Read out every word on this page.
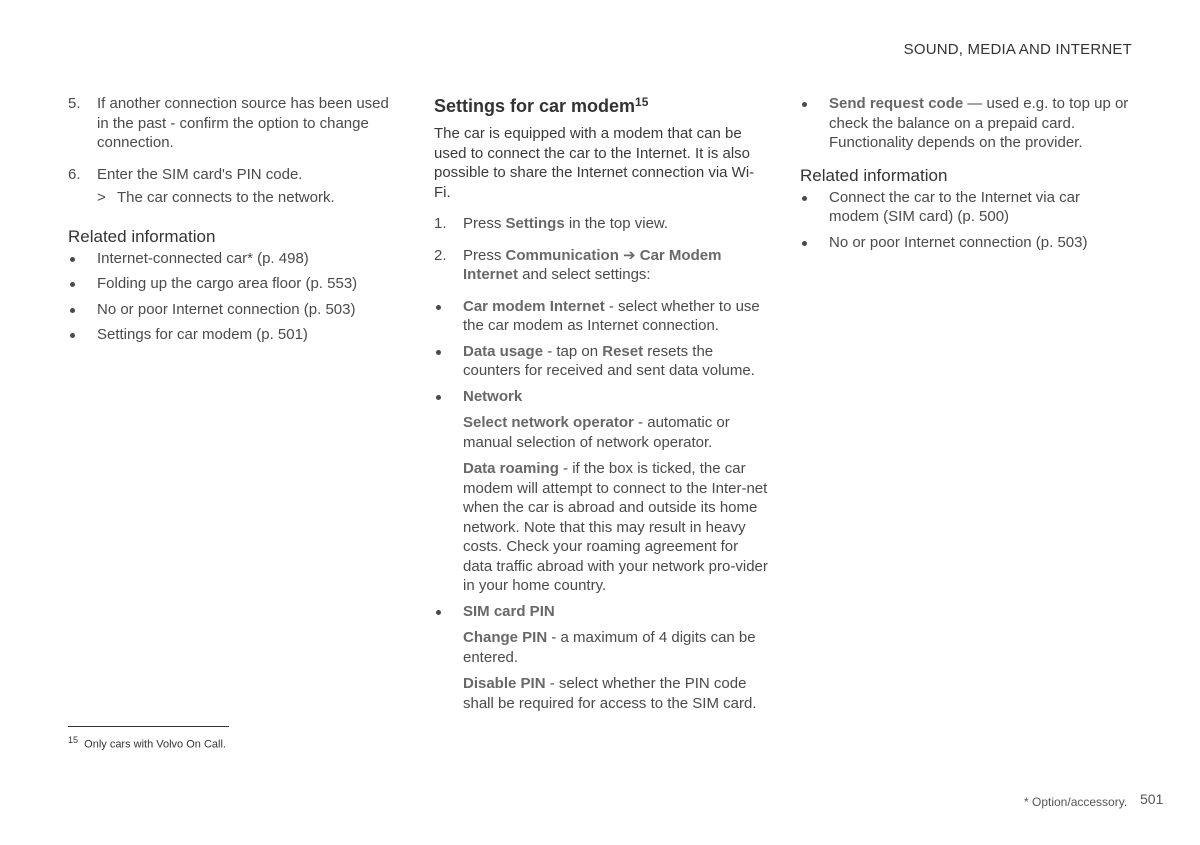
SOUND, MEDIA AND INTERNET
5. If another connection source has been used in the past - confirm the option to change connection.
6. Enter the SIM card's PIN code.
> The car connects to the network.
Related information
Internet-connected car* (p. 498)
Folding up the cargo area floor (p. 553)
No or poor Internet connection (p. 503)
Settings for car modem (p. 501)
Settings for car modem$^{15}$

The car is equipped with a modem that can be used to connect the car to the Internet. It is also possible to share the Internet connection via Wi-Fi.

1. Press Settings in the top view.
2. Press Communication ➔ Car Modem Internet and select settings:
Car modem Internet - select whether to use the car modem as Internet connection.
Data usage - tap on Reset resets the counters for received and sent data volume.
Network

Select network operator - automatic or manual selection of network operator.

Data roaming - if the box is ticked, the car modem will attempt to connect to the Inter-net when the car is abroad and outside its home network. Note that this may result in heavy costs. Check your roaming agreement for data traffic abroad with your network pro-vider in your home country.

SIM card PIN

Change PIN - a maximum of 4 digits can be entered.

Disable PIN - select whether the PIN code shall be required for access to the SIM card.

Send request code — used e.g. to top up or check the balance on a prepaid card. Functionality depends on the provider.
Related information
Connect the car to the Internet via car modem (SIM card) (p. 500)
No or poor Internet connection (p. 503)
$^{15}$ Only cars with Volvo On Call.
* Option/accessory. 501
